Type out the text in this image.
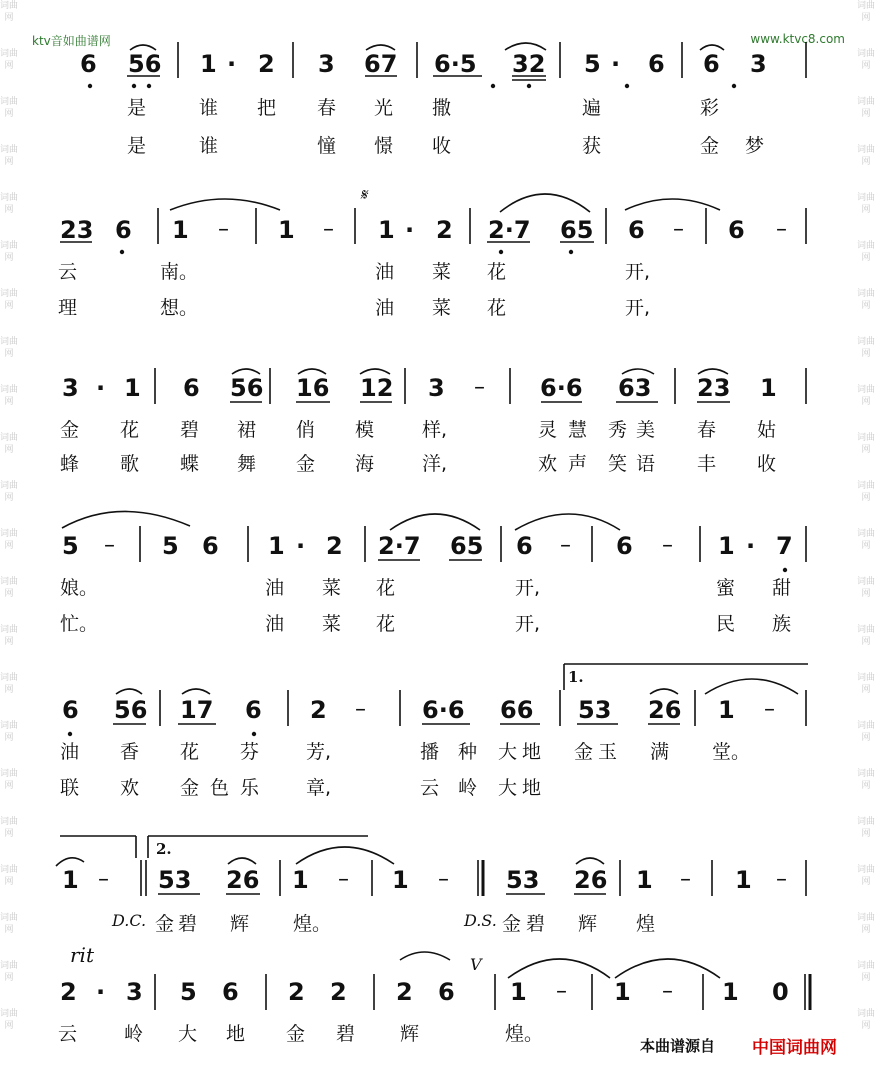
词曲网

词曲网

词曲网

词曲网

词曲网

词曲网

词曲网

词曲网

词曲网

词曲网

词曲网

词曲网

词曲网

词曲网

词曲网

词曲网

词曲网

词曲网

词曲网

词曲网

词曲网

词曲网
词曲网

词曲网

词曲网

词曲网

词曲网

词曲网

词曲网

词曲网

词曲网

词曲网

词曲网

词曲网

词曲网

词曲网

词曲网

词曲网

词曲网

词曲网

词曲网

词曲网

词曲网

词曲网
ktv音如曲谱网	www.ktvc8.com
6 56 1 · 2 3 67 6·5 32 5 · 6 6 3
是	谁 把 春 光 撒	遍	彩
是	谁	憧 憬 收	获	金 梦
𝄋
23 6 1 – 1 – 1 · 2 2·7 65 6 – 6 –
云	南。	油 菜 花	开,
理	想。	油 菜 花	开,
3 · 1 6 56 16 12 3 – 6·6 63 23 1
金 花 碧 裙 俏 模	样,	灵 慧 秀 美 春 姑
蜂 歌 蝶 舞 金 海	洋,	欢 声 笑 语 丰 收
5 – 5 6 1 · 2 2·7 65 6 – 6 – 1 · 7
娘。	油 菜 花	开,	蜜 甜
忙。	油 菜 花	开,	民 族
1.
6 56 17 6 2 – 6·6 66 53 26 1 –
油 香 花 芬 芳,	播 种 大 地 金 玉 满 堂。
联 欢 金 色 乐 章,	云 岭 大 地
2.
1 – 53 26 1 – 1 – 53 26 1 – 1 –
D.C. 金 碧 辉 煌。	D.S. 金 碧 辉 煌
rit	V
2 · 3 5 6 2 2 2 6 1 – 1 – 1 0
云 岭 大 地 金 碧 辉	煌。
本曲谱源自 中国词曲网
